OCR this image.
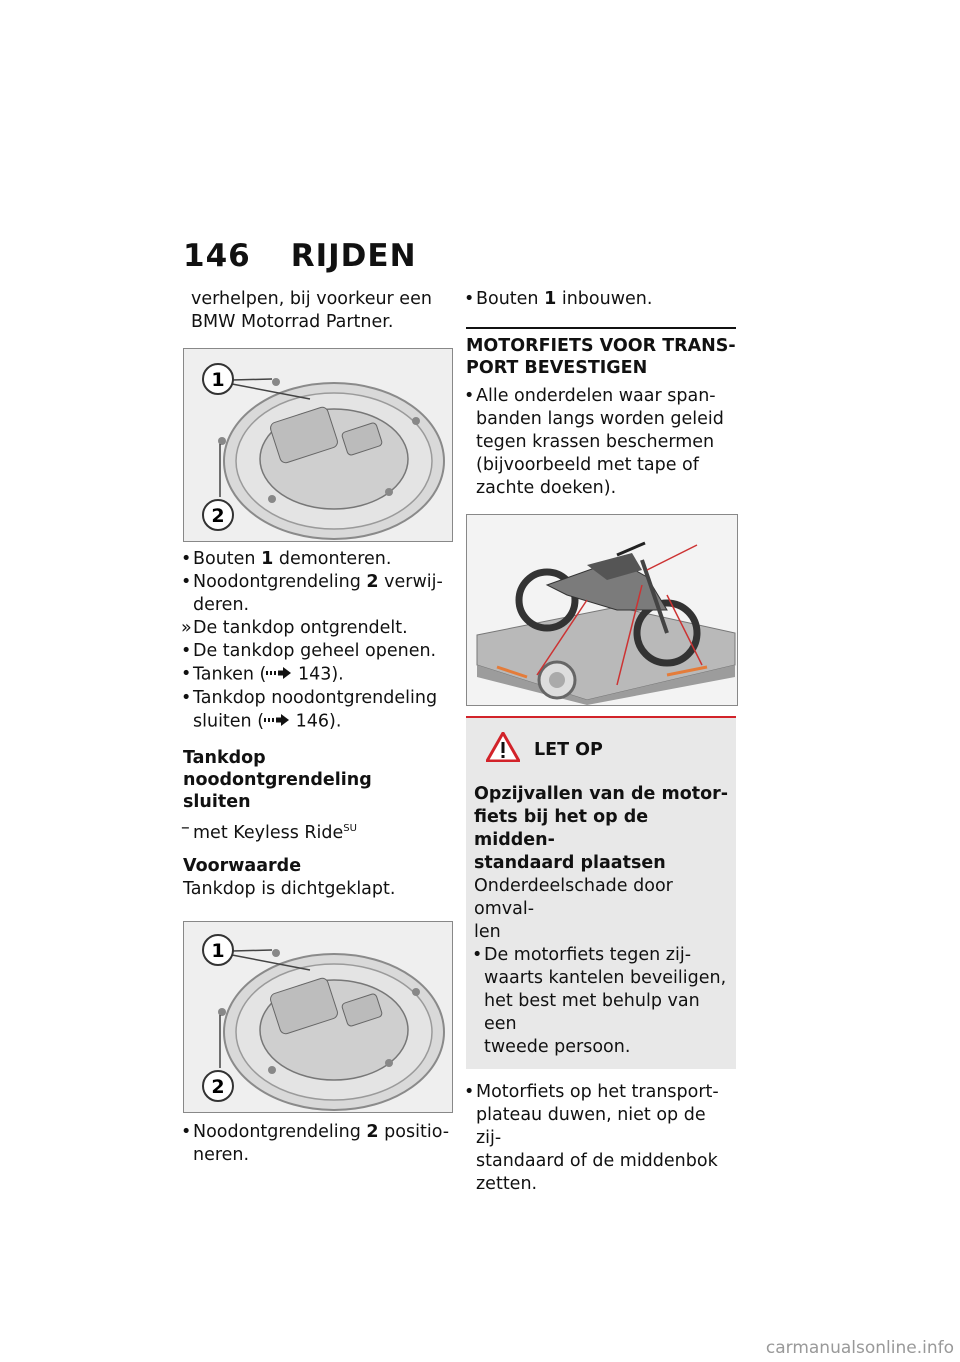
146 RIJDEN
verhelpen, bij voorkeur een
BMW Motorrad Partner.
1
2
• Bouten 1 demonteren.
• Noodontgrendeling 2 verwij-
deren.
» De tankdop ontgrendelt.
• De tankdop geheel openen.
• Tanken ( 143).
• Tankdop noodontgrendeling
sluiten ( 146).
Tankdop noodontgrendeling
sluiten
– met Keyless Ride$^{SU}$
Voorwaarde
Tankdop is dichtgeklapt.
1
2
• Noodontgrendeling 2 positio-
neren.
• Bouten 1 inbouwen.
MOTORFIETS VOOR TRANS-
PORT BEVESTIGEN
• Alle onderdelen waar span-
banden langs worden geleid
tegen krassen beschermen
(bijvoorbeeld met tape of
zachte doeken).
LET OP
Opzijvallen van de motor-
fiets bij het op de midden-
standaard plaatsen
Onderdeelschade door omval-
len
• De motorfiets tegen zij-
waarts kantelen beveiligen,
het best met behulp van een
tweede persoon.
• Motorfiets op het transport-
plateau duwen, niet op de zij-
standaard of de middenbok
zetten.
carmanualsonline.info
